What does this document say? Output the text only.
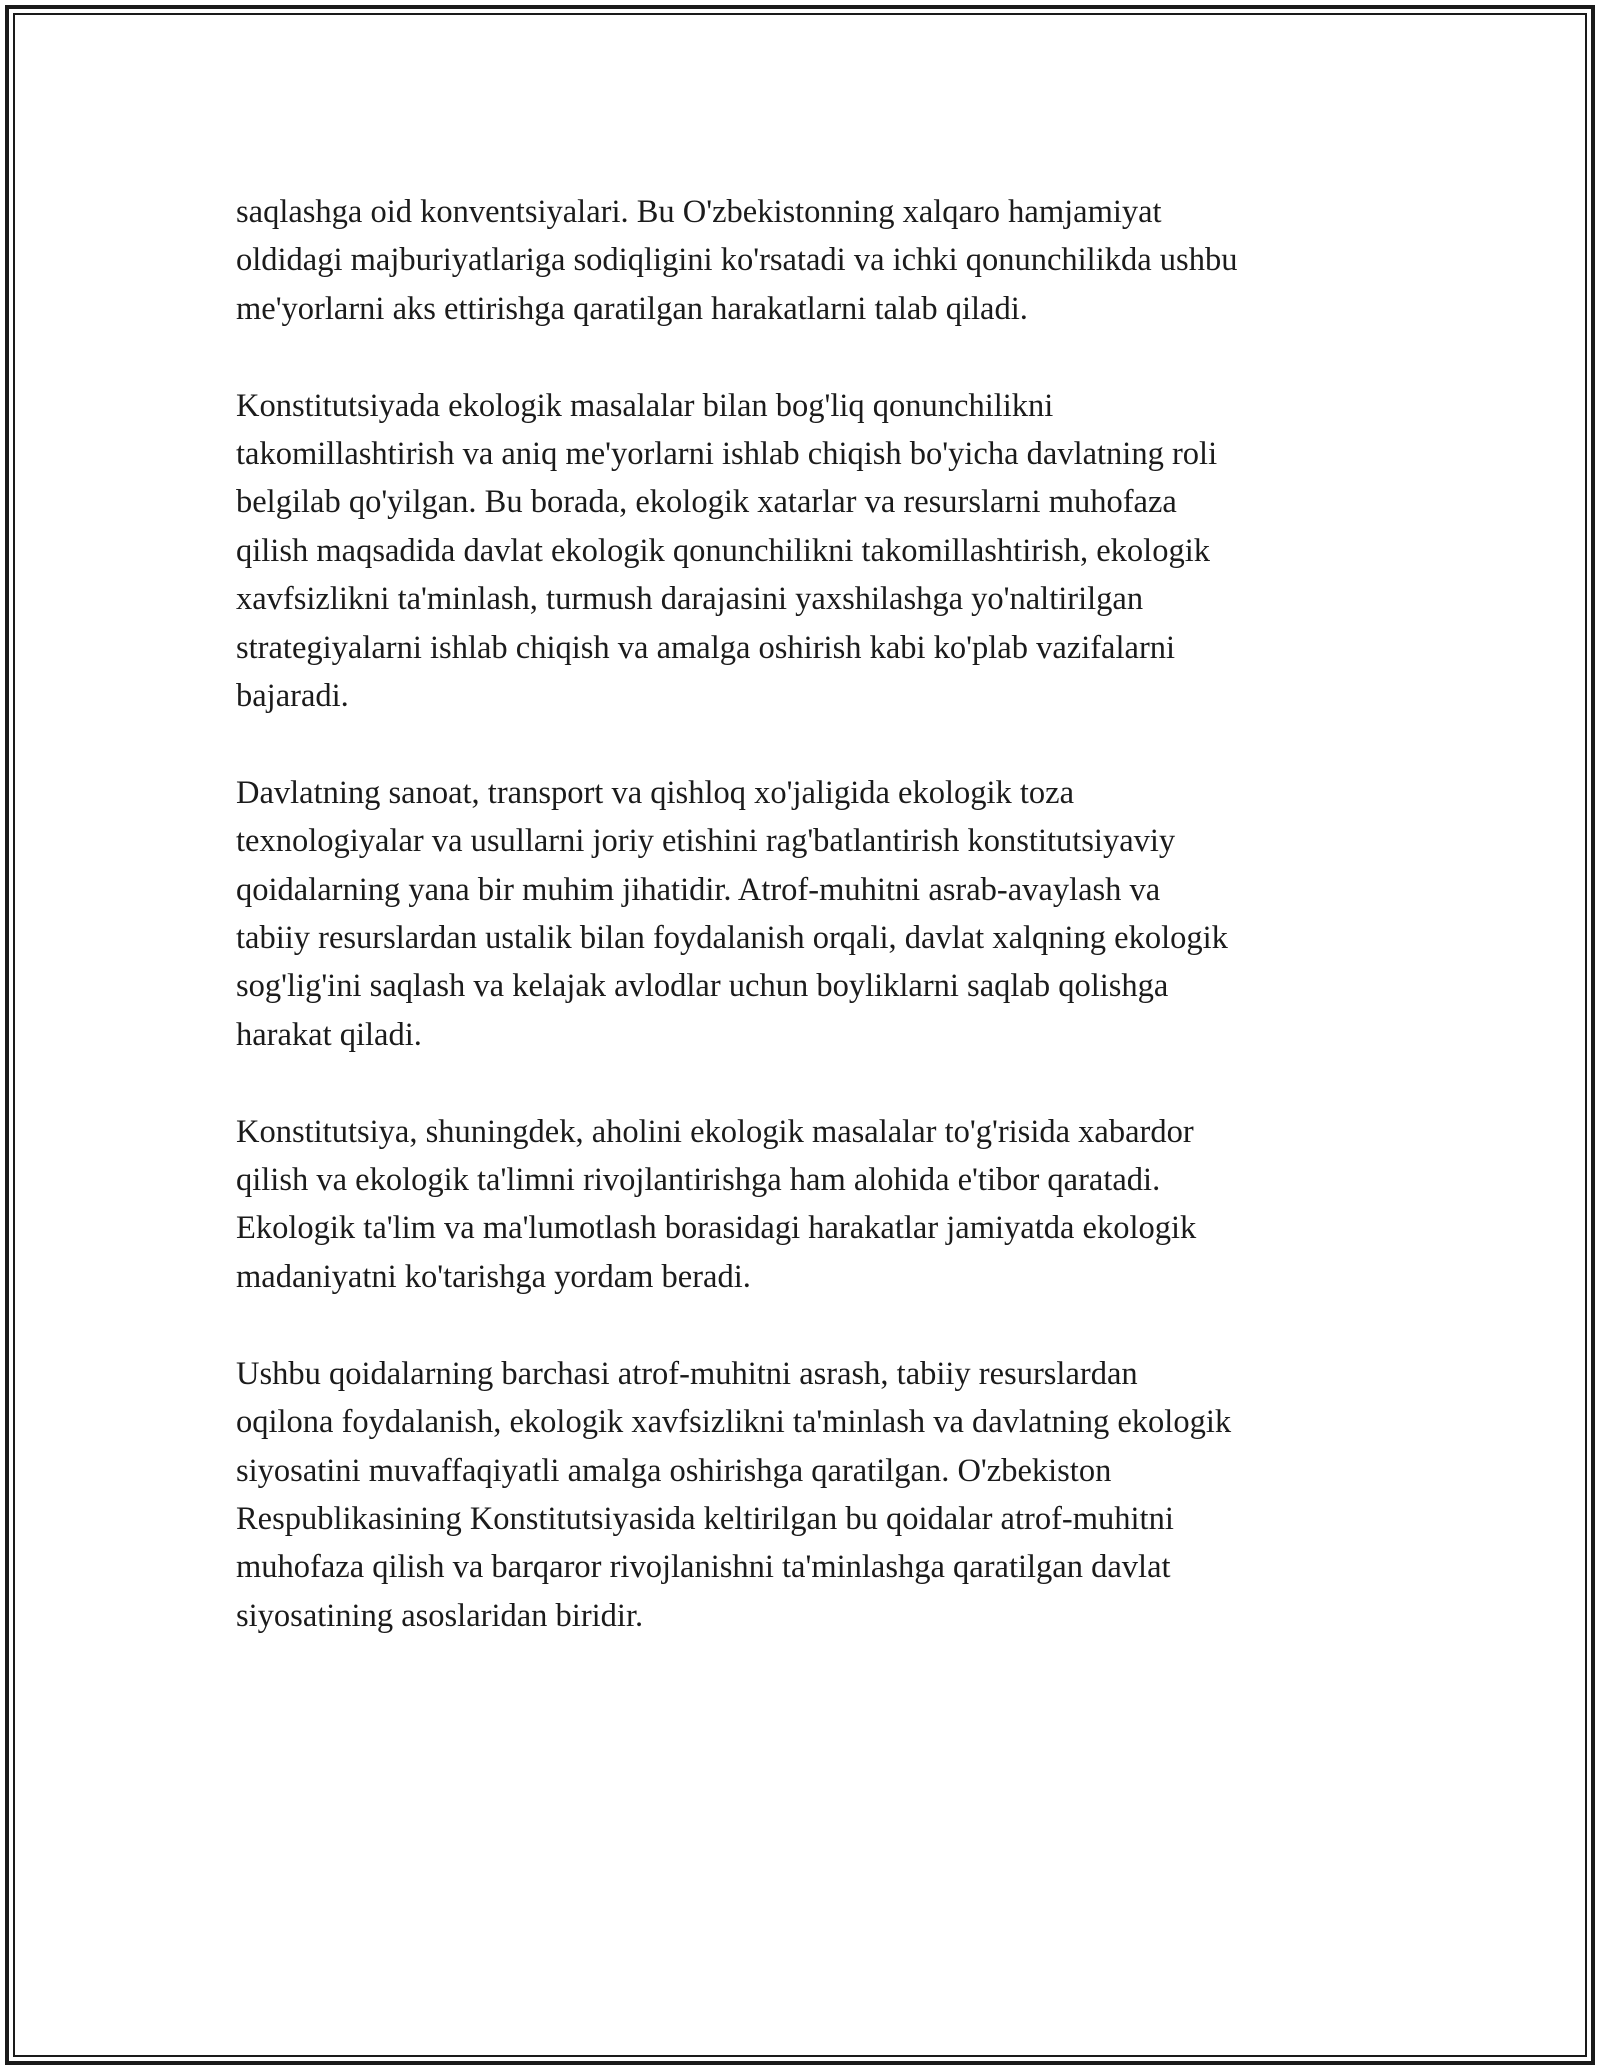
saqlashga oid konventsiyalari. Bu O'zbekistonning xalqaro hamjamiyat
oldidagi majburiyatlariga sodiqligini ko'rsatadi va ichki qonunchilikda ushbu
me'yorlarni aks ettirishga qaratilgan harakatlarni talab qiladi.

Konstitutsiyada ekologik masalalar bilan bog'liq qonunchilikni
takomillashtirish va aniq me'yorlarni ishlab chiqish bo'yicha davlatning roli
belgilab qo'yilgan. Bu borada, ekologik xatarlar va resurslarni muhofaza
qilish maqsadida davlat ekologik qonunchilikni takomillashtirish, ekologik
xavfsizlikni ta'minlash, turmush darajasini yaxshilashga yo'naltirilgan
strategiyalarni ishlab chiqish va amalga oshirish kabi ko'plab vazifalarni
bajaradi.

Davlatning sanoat, transport va qishloq xo'jaligida ekologik toza
texnologiyalar va usullarni joriy etishini rag'batlantirish konstitutsiyaviy
qoidalarning yana bir muhim jihatidir. Atrof-muhitni asrab-avaylash va
tabiiy resurslardan ustalik bilan foydalanish orqali, davlat xalqning ekologik
sog'lig'ini saqlash va kelajak avlodlar uchun boyliklarni saqlab qolishga
harakat qiladi.

Konstitutsiya, shuningdek, aholini ekologik masalalar to'g'risida xabardor
qilish va ekologik ta'limni rivojlantirishga ham alohida e'tibor qaratadi.
Ekologik ta'lim va ma'lumotlash borasidagi harakatlar jamiyatda ekologik
madaniyatni ko'tarishga yordam beradi.

Ushbu qoidalarning barchasi atrof-muhitni asrash, tabiiy resurslardan
oqilona foydalanish, ekologik xavfsizlikni ta'minlash va davlatning ekologik
siyosatini muvaffaqiyatli amalga oshirishga qaratilgan. O'zbekiston
Respublikasining Konstitutsiyasida keltirilgan bu qoidalar atrof-muhitni
muhofaza qilish va barqaror rivojlanishni ta'minlashga qaratilgan davlat
siyosatining asoslaridan biridir.
